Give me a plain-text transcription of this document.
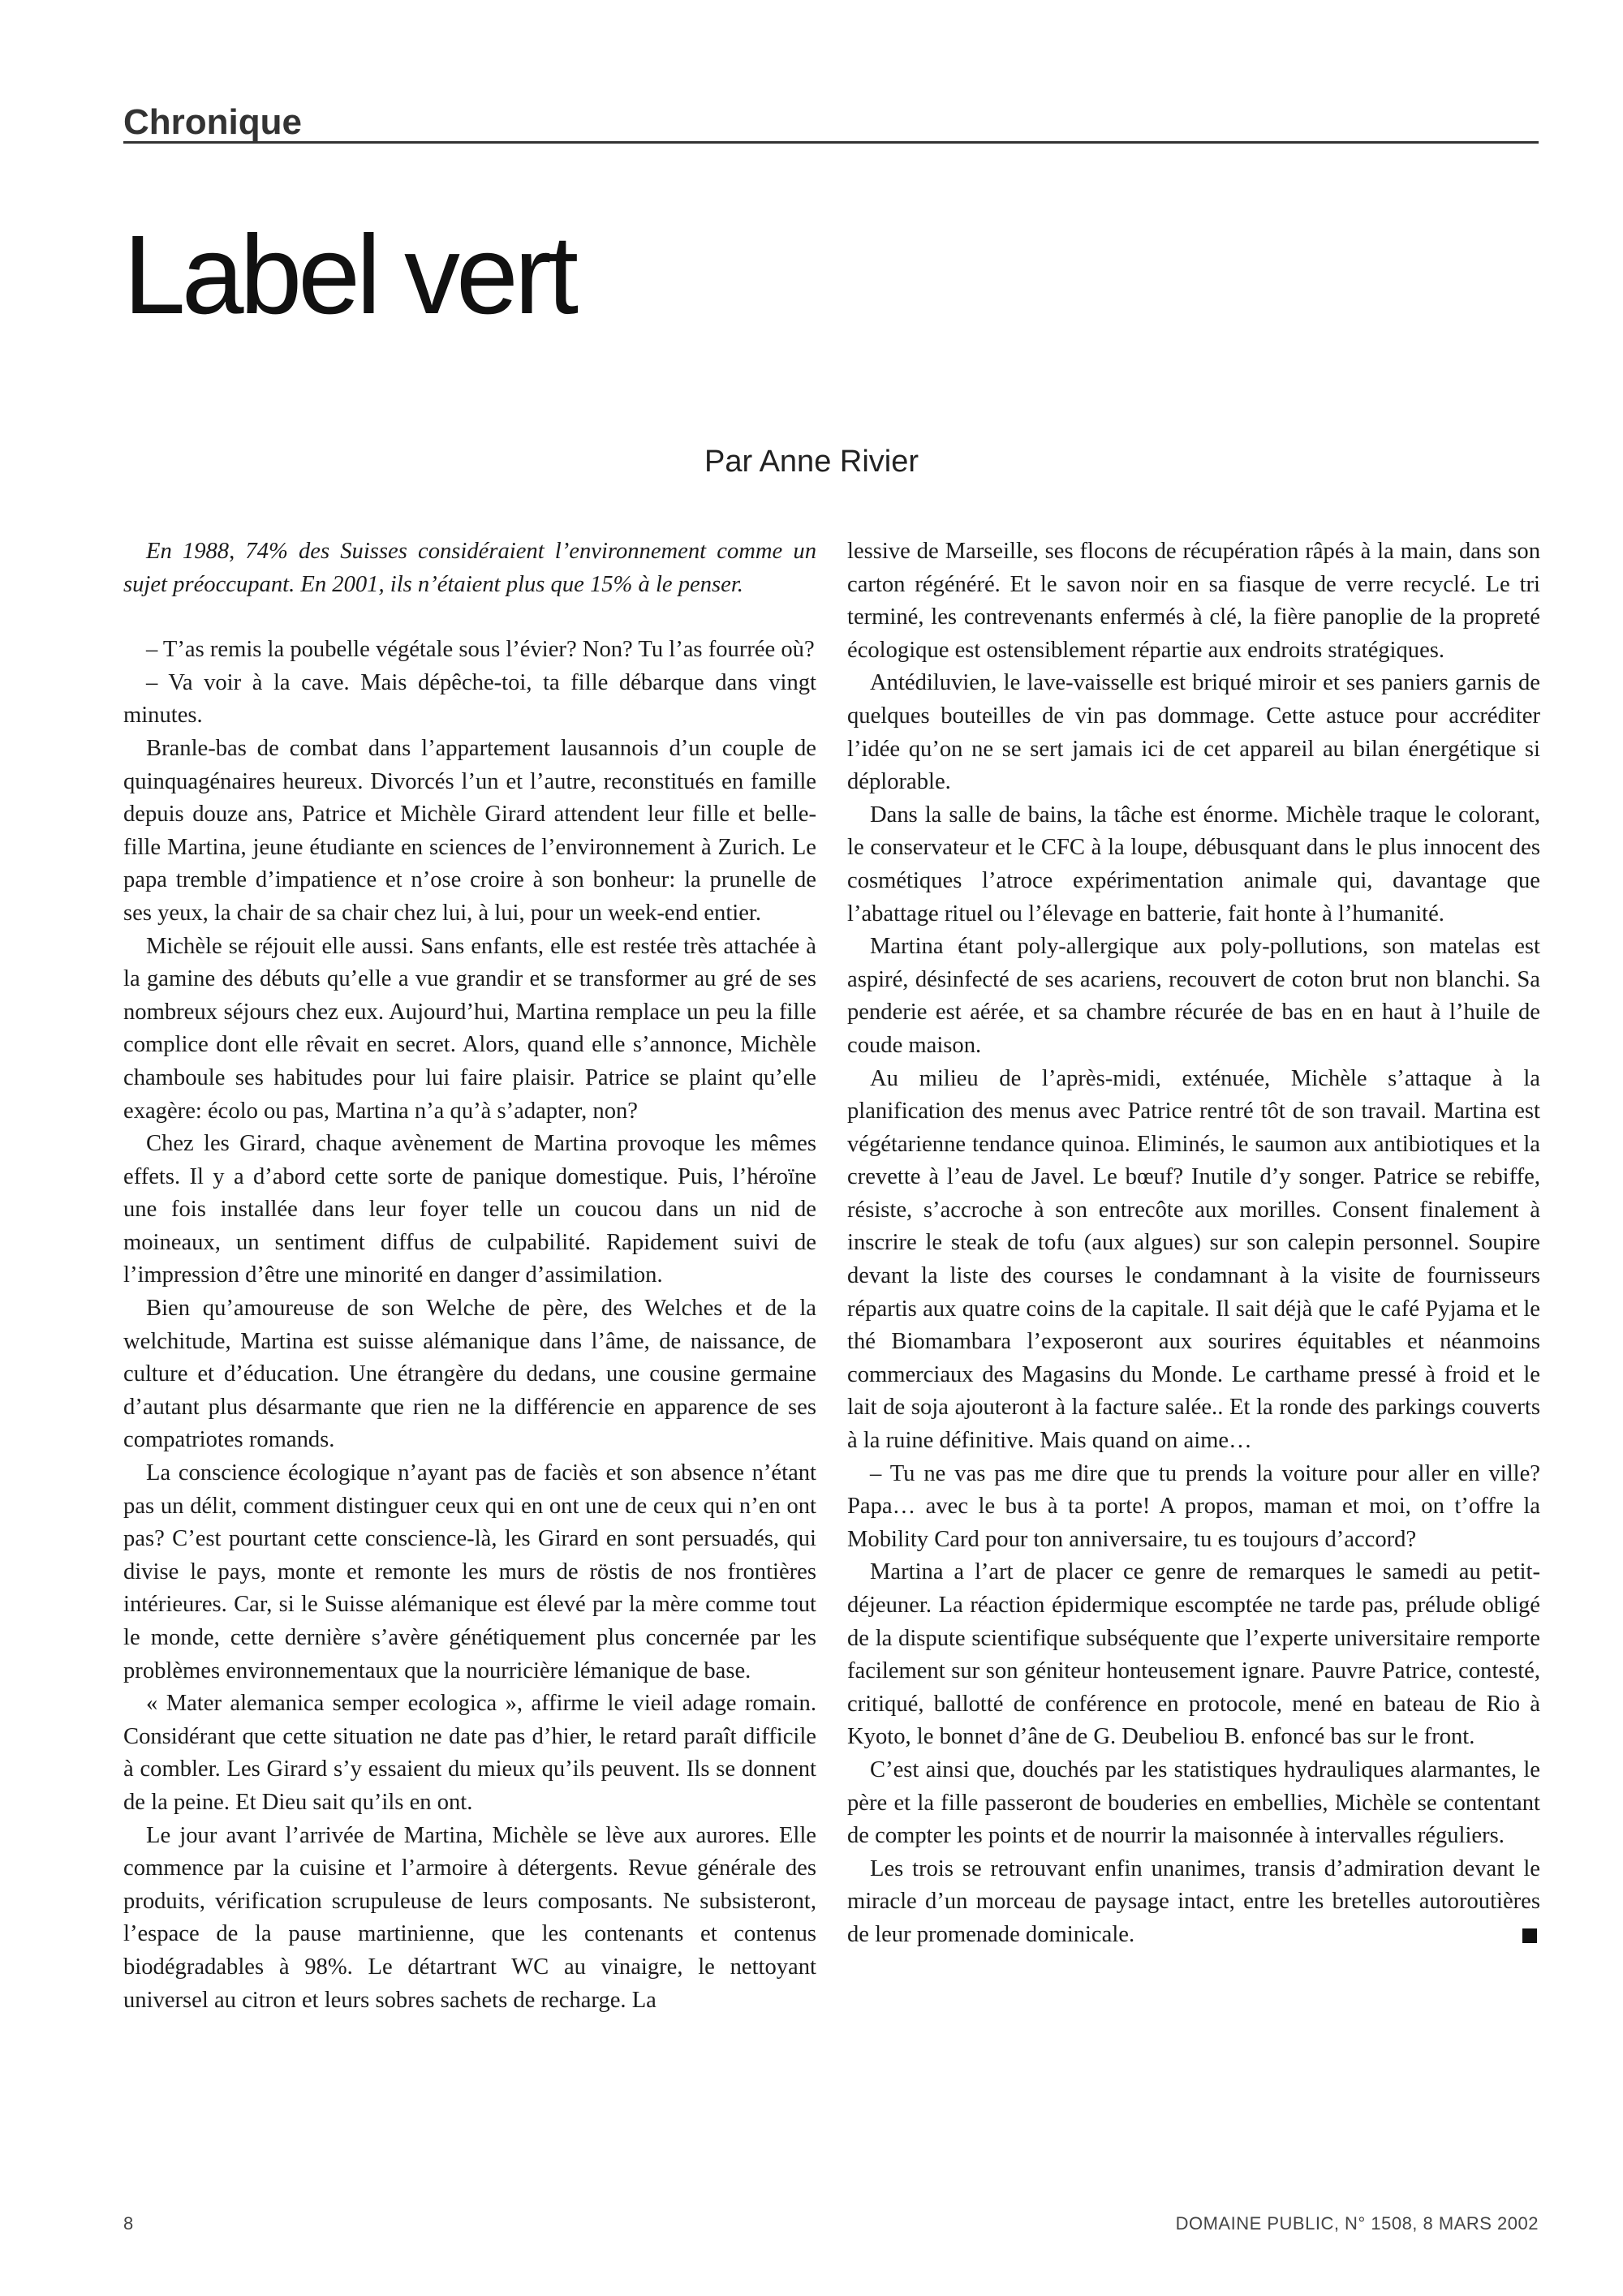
Chronique
Label vert
Par Anne Rivier

En 1988, 74% des Suisses considéraient l’environnement comme un sujet préoccupant. En 2001, ils n’étaient plus que 15% à le penser.

– T’as remis la poubelle végétale sous l’évier? Non? Tu l’as fourrée où?

– Va voir à la cave. Mais dépêche-toi, ta fille débarque dans vingt minutes.

Branle-bas de combat dans l’appartement lausannois d’un couple de quinquagénaires heureux. Divorcés l’un et l’autre, reconstitués en famille depuis douze ans, Patrice et Michèle Girard attendent leur fille et belle-fille Martina, jeune étudiante en sciences de l’environnement à Zurich. Le papa tremble d’impatience et n’ose croire à son bonheur: la prunelle de ses yeux, la chair de sa chair chez lui, à lui, pour un week-end entier.

Michèle se réjouit elle aussi. Sans enfants, elle est restée très attachée à la gamine des débuts qu’elle a vue grandir et se transformer au gré de ses nombreux séjours chez eux. Aujourd’hui, Martina remplace un peu la fille complice dont elle rêvait en secret. Alors, quand elle s’annonce, Michèle chamboule ses habitudes pour lui faire plaisir. Patrice se plaint qu’elle exagère: écolo ou pas, Martina n’a qu’à s’adapter, non?

Chez les Girard, chaque avènement de Martina provoque les mêmes effets. Il y a d’abord cette sorte de panique domestique. Puis, l’héroïne une fois installée dans leur foyer telle un coucou dans un nid de moineaux, un sentiment diffus de culpabilité. Rapidement suivi de l’impression d’être une minorité en danger d’assimilation.

Bien qu’amoureuse de son Welche de père, des Welches et de la welchitude, Martina est suisse alémanique dans l’âme, de naissance, de culture et d’éducation. Une étrangère du dedans, une cousine germaine d’autant plus désarmante que rien ne la différencie en apparence de ses compatriotes romands.

La conscience écologique n’ayant pas de faciès et son absence n’étant pas un délit, comment distinguer ceux qui en ont une de ceux qui n’en ont pas? C’est pourtant cette conscience-là, les Girard en sont persuadés, qui divise le pays, monte et remonte les murs de röstis de nos frontières intérieures. Car, si le Suisse alémanique est élevé par la mère comme tout le monde, cette dernière s’avère génétiquement plus concernée par les problèmes environnementaux que la nourricière lémanique de base.

« Mater alemanica semper ecologica », affirme le vieil adage romain. Considérant que cette situation ne date pas d’hier, le retard paraît difficile à combler. Les Girard s’y essaient du mieux qu’ils peuvent. Ils se donnent de la peine. Et Dieu sait qu’ils en ont.

Le jour avant l’arrivée de Martina, Michèle se lève aux aurores. Elle commence par la cuisine et l’armoire à détergents. Revue générale des produits, vérification scrupuleuse de leurs composants. Ne subsisteront, l’espace de la pause martinienne, que les contenants et contenus biodégradables à 98%. Le détartrant WC au vinaigre, le nettoyant universel au citron et leurs sobres sachets de recharge. La

lessive de Marseille, ses flocons de récupération râpés à la main, dans son carton régénéré. Et le savon noir en sa fiasque de verre recyclé. Le tri terminé, les contrevenants enfermés à clé, la fière panoplie de la propreté écologique est ostensiblement répartie aux endroits stratégiques.

Antédiluvien, le lave-vaisselle est briqué miroir et ses paniers garnis de quelques bouteilles de vin pas dommage. Cette astuce pour accréditer l’idée qu’on ne se sert jamais ici de cet appareil au bilan énergétique si déplorable.

Dans la salle de bains, la tâche est énorme. Michèle traque le colorant, le conservateur et le CFC à la loupe, débusquant dans le plus innocent des cosmétiques l’atroce expérimentation animale qui, davantage que l’abattage rituel ou l’élevage en batterie, fait honte à l’humanité.

Martina étant poly-allergique aux poly-pollutions, son matelas est aspiré, désinfecté de ses acariens, recouvert de coton brut non blanchi. Sa penderie est aérée, et sa chambre récurée de bas en en haut à l’huile de coude maison.

Au milieu de l’après-midi, exténuée, Michèle s’attaque à la planification des menus avec Patrice rentré tôt de son travail. Martina est végétarienne tendance quinoa. Eliminés, le saumon aux antibiotiques et la crevette à l’eau de Javel. Le bœuf? Inutile d’y songer. Patrice se rebiffe, résiste, s’accroche à son entrecôte aux morilles. Consent finalement à inscrire le steak de tofu (aux algues) sur son calepin personnel. Soupire devant la liste des courses le condamnant à la visite de fournisseurs répartis aux quatre coins de la capitale. Il sait déjà que le café Pyjama et le thé Biomambara l’exposeront aux sourires équitables et néanmoins commerciaux des Magasins du Monde. Le carthame pressé à froid et le lait de soja ajouteront à la facture salée.. Et la ronde des parkings couverts à la ruine définitive. Mais quand on aime…

– Tu ne vas pas me dire que tu prends la voiture pour aller en ville? Papa… avec le bus à ta porte! A propos, maman et moi, on t’offre la Mobility Card pour ton anniversaire, tu es toujours d’accord?

Martina a l’art de placer ce genre de remarques le samedi au petit-déjeuner. La réaction épidermique escomptée ne tarde pas, prélude obligé de la dispute scientifique subséquente que l’experte universitaire remporte facilement sur son géniteur honteusement ignare. Pauvre Patrice, contesté, critiqué, ballotté de conférence en protocole, mené en bateau de Rio à Kyoto, le bonnet d’âne de G. Deubeliou B. enfoncé bas sur le front.

C’est ainsi que, douchés par les statistiques hydrauliques alarmantes, le père et la fille passeront de bouderies en embellies, Michèle se contentant de compter les points et de nourrir la maisonnée à intervalles réguliers.

Les trois se retrouvant enfin unanimes, transis d’admiration devant le miracle d’un morceau de paysage intact, entre les bretelles autoroutières de leur promenade dominicale.

8	DOMAINE PUBLIC, N° 1508, 8 MARS 2002
